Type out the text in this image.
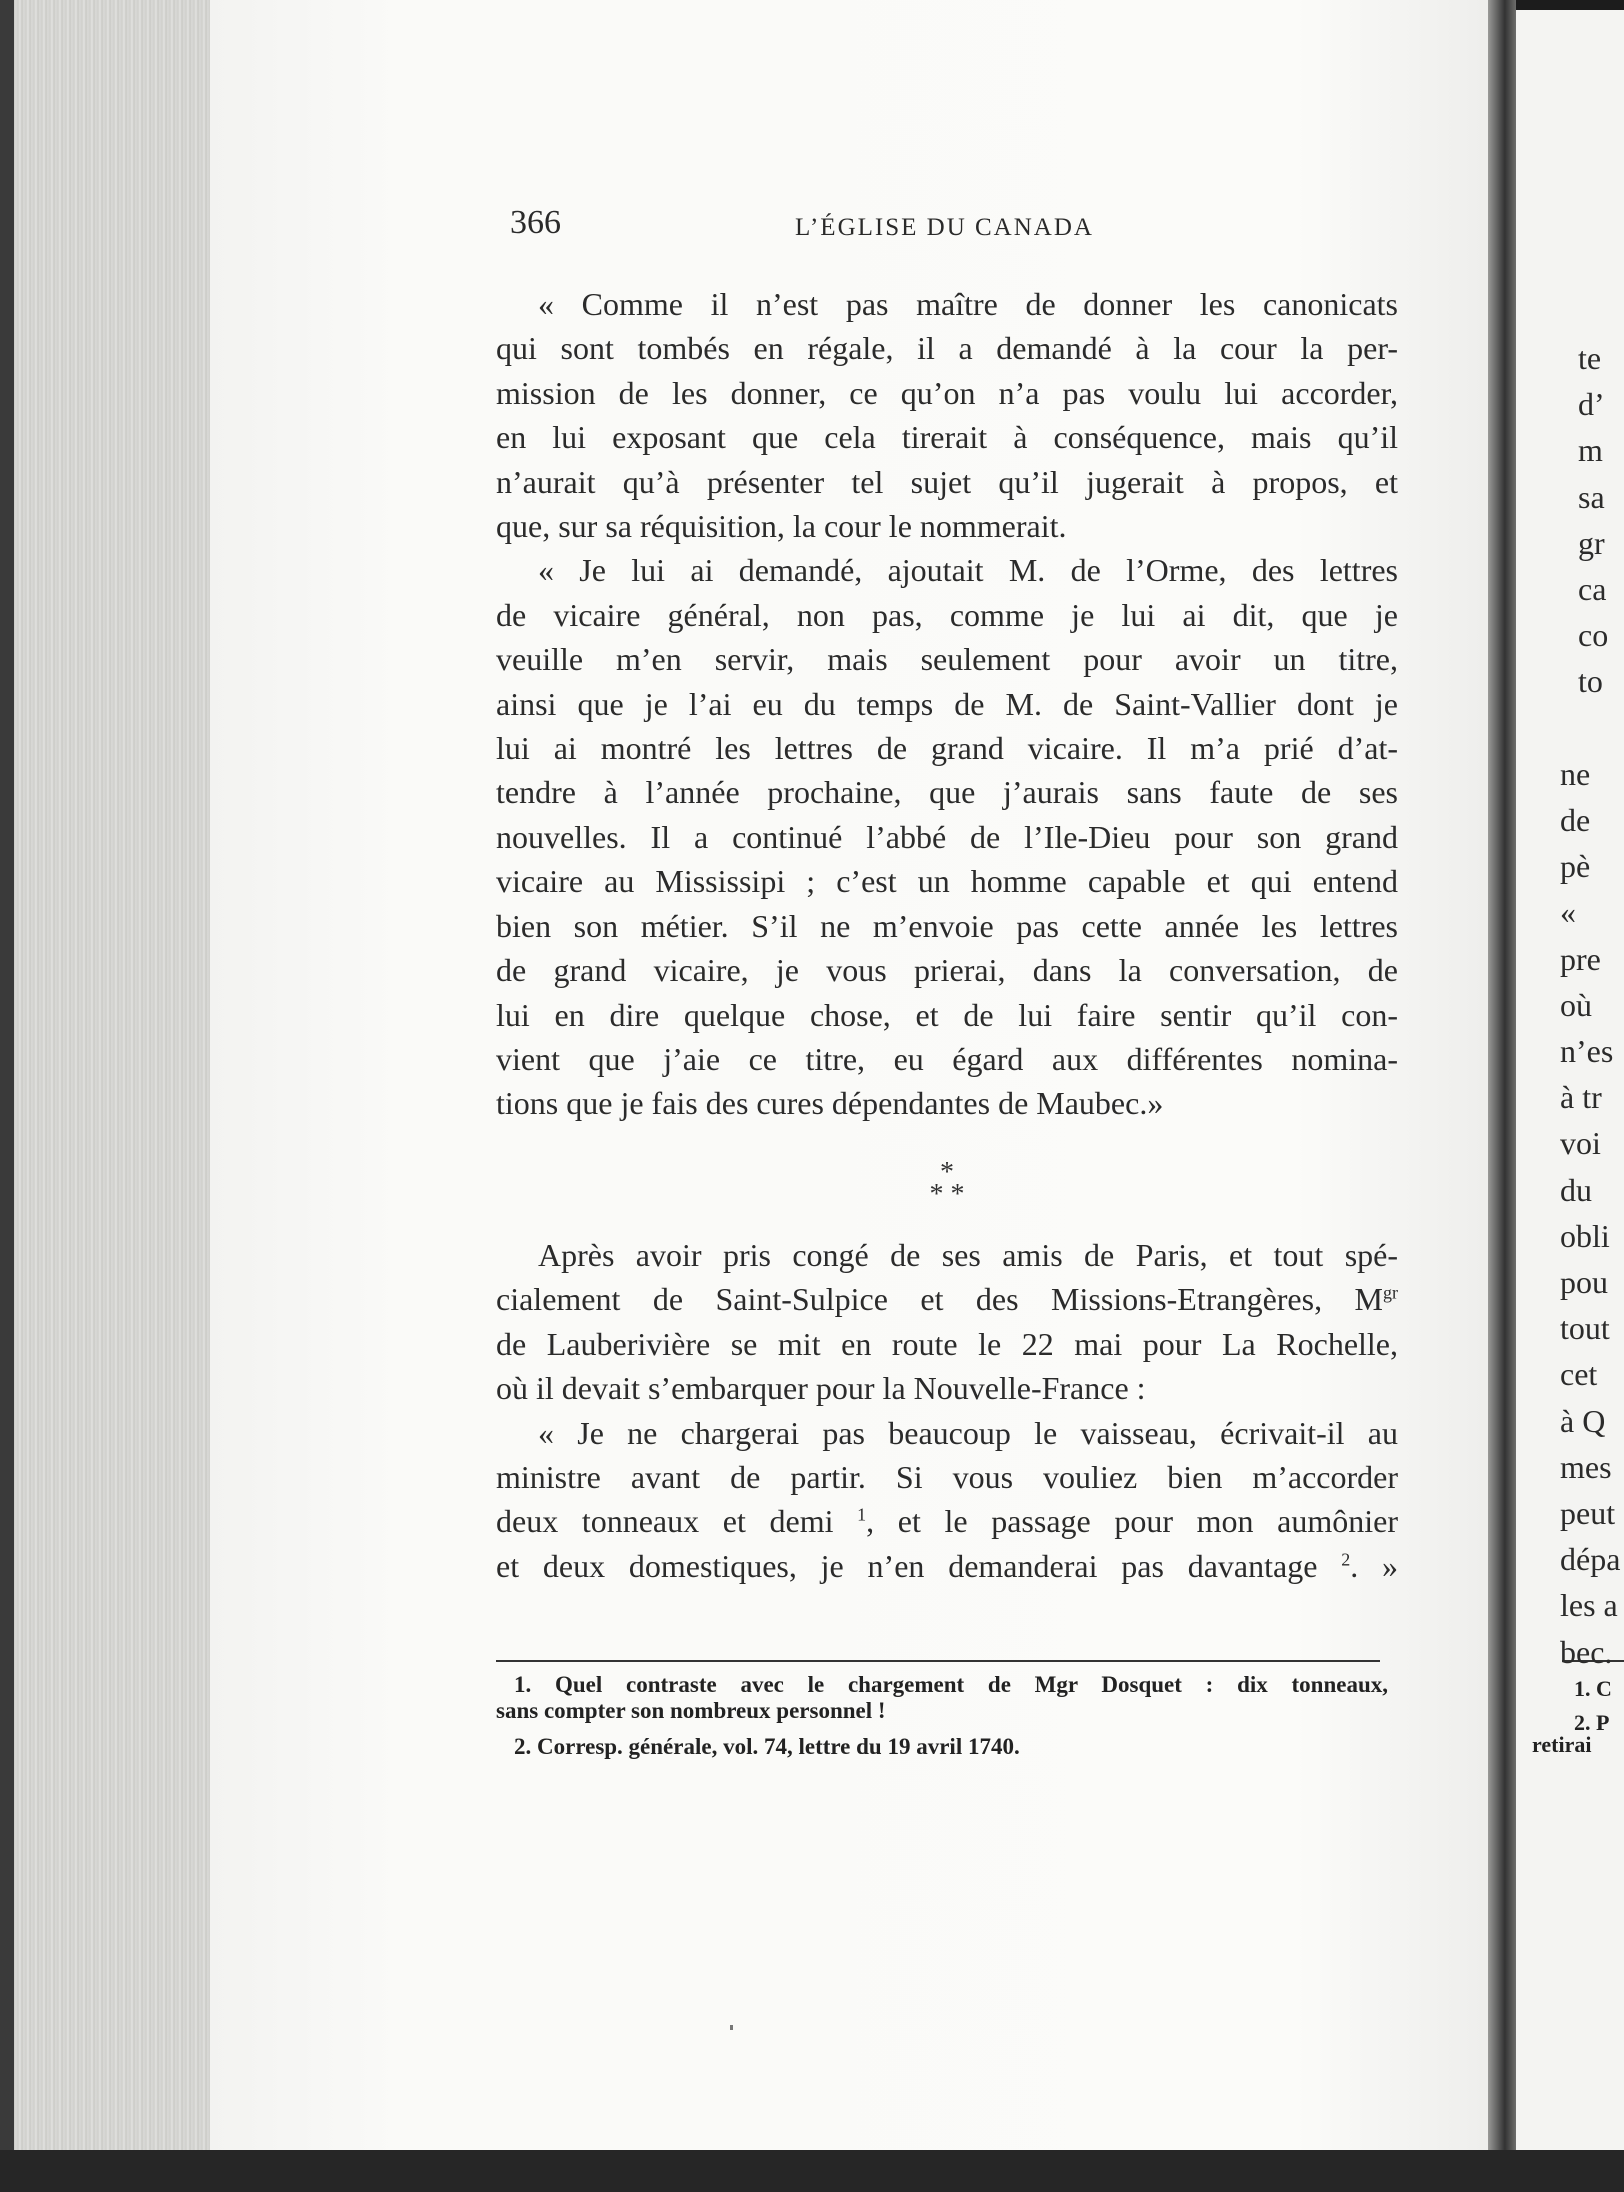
te
d’
m
sa
gr
ca
co
to
ne
de
pè
«
pre
où
n’es
à tr
voi
du
obli
pou
tout
cet
à Q
mes
peut
dépa
les a
bec.
1. C
2. P
retirai
366	L’ÉGLISE DU CANADA
« Comme il n’est pas maître de donner les canonicats
qui sont tombés en régale, il a demandé à la cour la per-
mission de les donner, ce qu’on n’a pas voulu lui accorder,
en lui exposant que cela tirerait à conséquence, mais qu’il
n’aurait qu’à présenter tel sujet qu’il jugerait à propos, et
que, sur sa réquisition, la cour le nommerait.
« Je lui ai demandé, ajoutait M. de l’Orme, des lettres
de vicaire général, non pas, comme je lui ai dit, que je
veuille m’en servir, mais seulement pour avoir un titre,
ainsi que je l’ai eu du temps de M. de Saint-Vallier dont je
lui ai montré les lettres de grand vicaire. Il m’a prié d’at-
tendre à l’année prochaine, que j’aurais sans faute de ses
nouvelles. Il a continué l’abbé de l’Ile-Dieu pour son grand
vicaire au Mississipi ; c’est un homme capable et qui entend
bien son métier. S’il ne m’envoie pas cette année les lettres
de grand vicaire, je vous prierai, dans la conversation, de
lui en dire quelque chose, et de lui faire sentir qu’il con-
vient que j’aie ce titre, eu égard aux différentes nomina-
tions que je fais des cures dépendantes de Maubec.»
*
* *
Après avoir pris congé de ses amis de Paris, et tout spé-
cialement de Saint-Sulpice et des Missions-Etrangères, $M^{gr}$
de Lauberivière se mit en route le 22 mai pour La Rochelle,
où il devait s’embarquer pour la Nouvelle-France :
« Je ne chargerai pas beaucoup le vaisseau, écrivait-il au
ministre avant de partir. Si vous vouliez bien m’accorder
deux tonneaux et demi $^1$, et le passage pour mon aumônier
et deux domestiques, je n’en demanderai pas davantage $^2$. »
1. Quel contraste avec le chargement de Mgr Dosquet : dix tonneaux,
sans compter son nombreux personnel !
2. Corresp. générale, vol. 74, lettre du 19 avril 1740.
